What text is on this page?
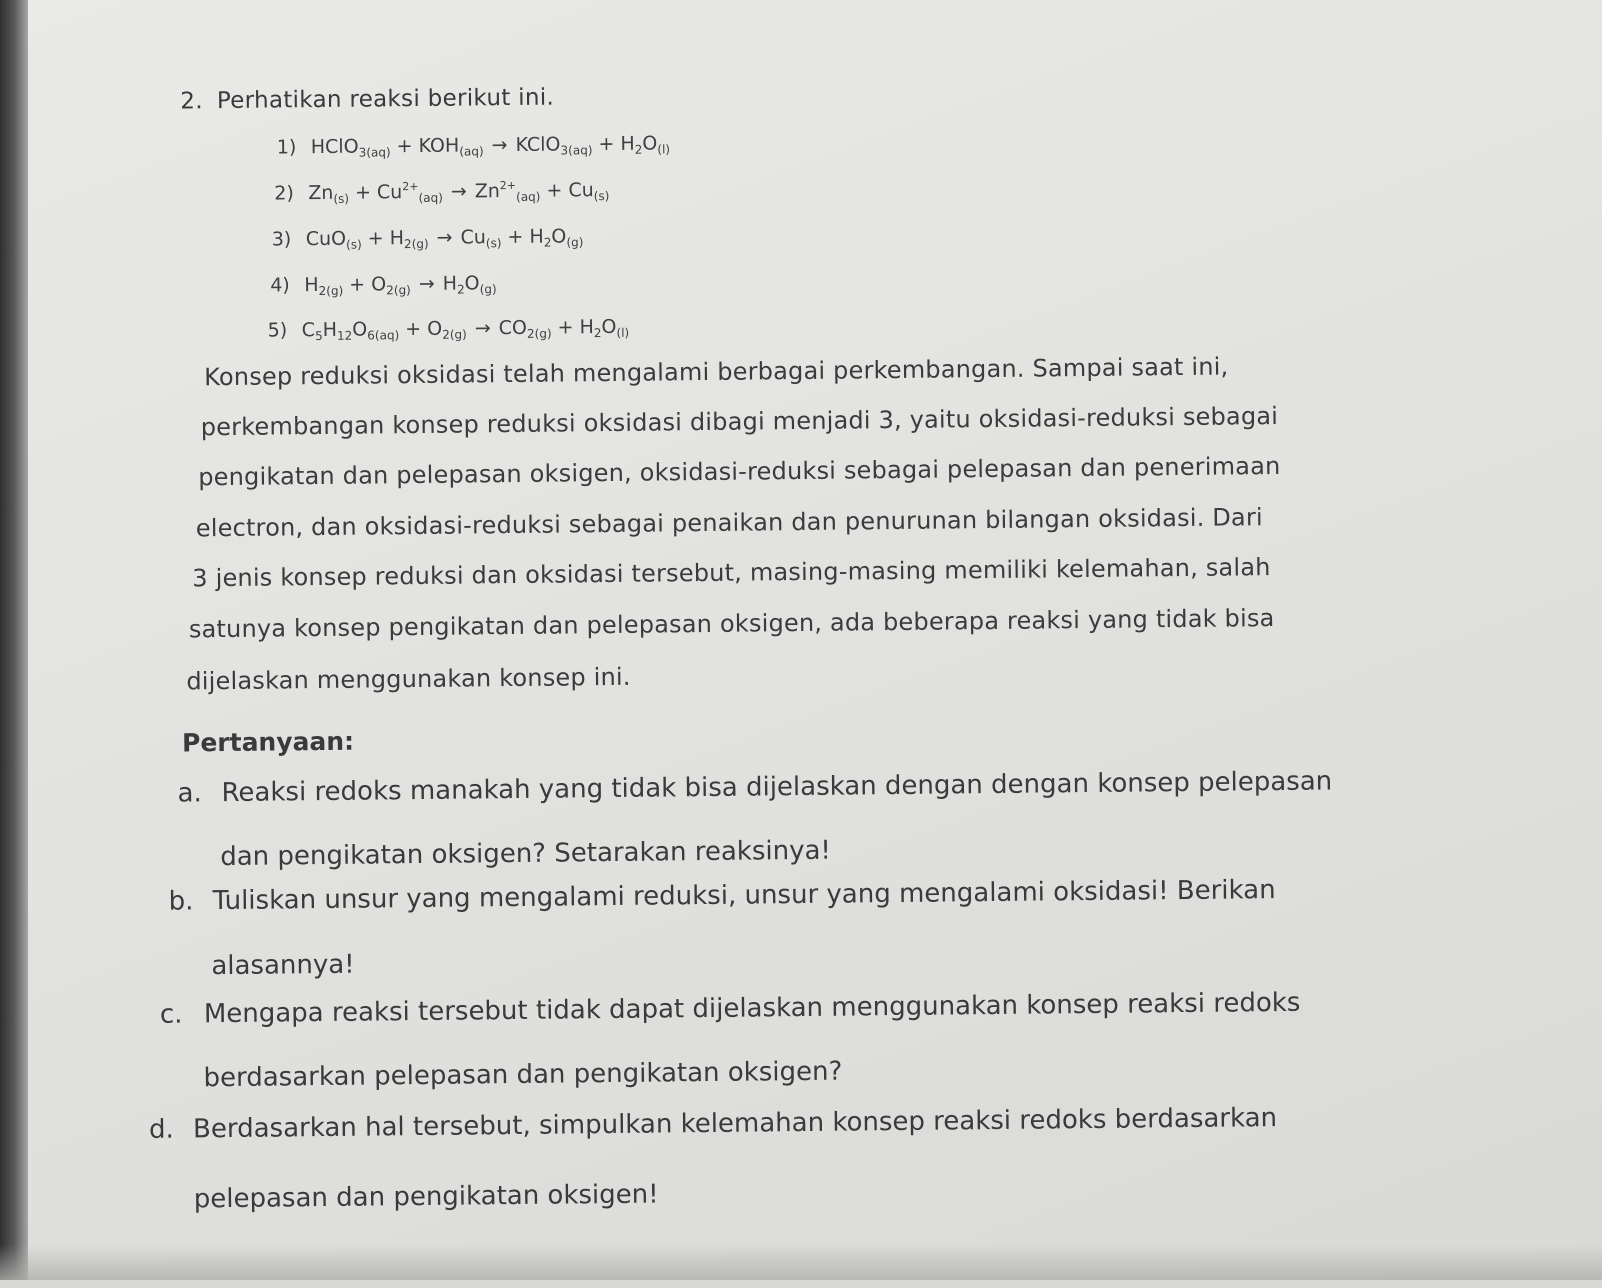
2. Perhatikan reaksi berikut ini.
1) HClO$_{3(aq)}$ + $KOH_{(aq)}$ → KClO$_{3(aq)}$ + $H_2O_{(l)}$
2) $Zn_{(s)} + Cu^{2+}_{(aq)} \to Zn^{2+}_{(aq)} + Cu_{(s)}$
3) $CuO_{(s)} + H_{2(g)} \to Cu_{(s)} + H_2O_{(g)}$
4) $H_{2(g)} + O_{2(g)} \to H_2O_{(g)}$
5) $C_5H_{12}O_{6(aq)} + O_{2(g)} \to CO_{2(g)} + H_2O_{(l)}$
Konsep reduksi oksidasi telah mengalami berbagai perkembangan. Sampai saat ini,
perkembangan konsep reduksi oksidasi dibagi menjadi 3, yaitu oksidasi-reduksi sebagai
pengikatan dan pelepasan oksigen, oksidasi-reduksi sebagai pelepasan dan penerimaan
electron, dan oksidasi-reduksi sebagai penaikan dan penurunan bilangan oksidasi. Dari
3 jenis konsep reduksi dan oksidasi tersebut, masing-masing memiliki kelemahan, salah
satunya konsep pengikatan dan pelepasan oksigen, ada beberapa reaksi yang tidak bisa
dijelaskan menggunakan konsep ini.
Pertanyaan:
a. Reaksi redoks manakah yang tidak bisa dijelaskan dengan dengan konsep pelepasan
dan pengikatan oksigen? Setarakan reaksinya!
b. Tuliskan unsur yang mengalami reduksi, unsur yang mengalami oksidasi! Berikan
alasannya!
c. Mengapa reaksi tersebut tidak dapat dijelaskan menggunakan konsep reaksi redoks
berdasarkan pelepasan dan pengikatan oksigen?
d. Berdasarkan hal tersebut, simpulkan kelemahan konsep reaksi redoks berdasarkan
pelepasan dan pengikatan oksigen!
